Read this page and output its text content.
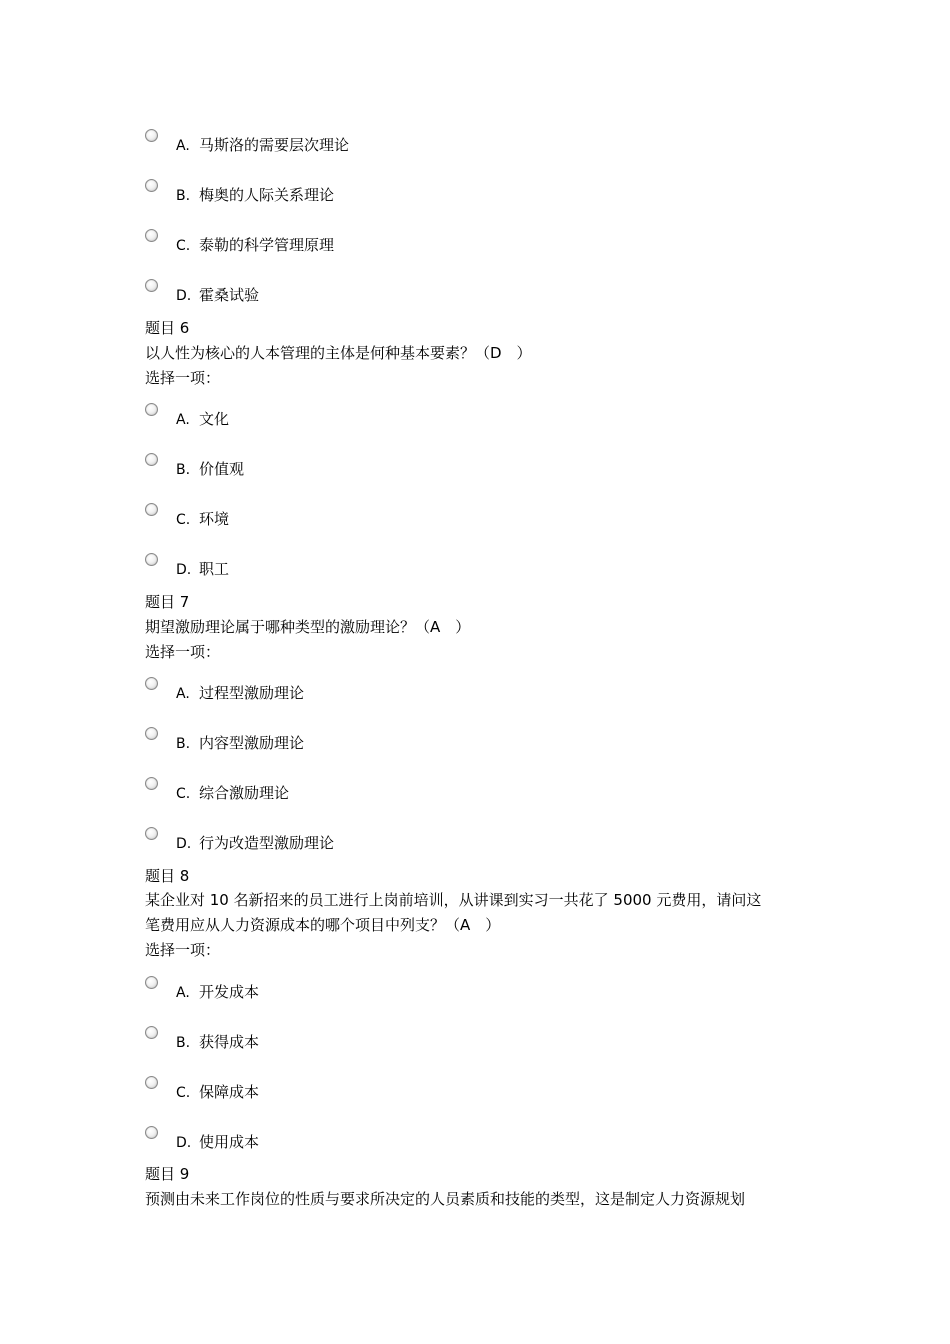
A. 马斯洛的需要层次理论
B. 梅奥的人际关系理论
C. 泰勒的科学管理原理
D. 霍桑试验
题目 6
以人性为核心的人本管理的主体是何种基本要素？（D　）
选择一项：
A. 文化
B. 价值观
C. 环境
D. 职工
题目 7
期望激励理论属于哪种类型的激励理论？（A　）
选择一项：
A. 过程型激励理论
B. 内容型激励理论
C. 综合激励理论
D. 行为改造型激励理论
题目 8
某企业对 10 名新招来的员工进行上岗前培训，从讲课到实习一共花了 5000 元费用，请问这
笔费用应从人力资源成本的哪个项目中列支？（A　）
选择一项：
A. 开发成本
B. 获得成本
C. 保障成本
D. 使用成本
题目 9
预测由未来工作岗位的性质与要求所决定的人员素质和技能的类型，这是制定人力资源规划
